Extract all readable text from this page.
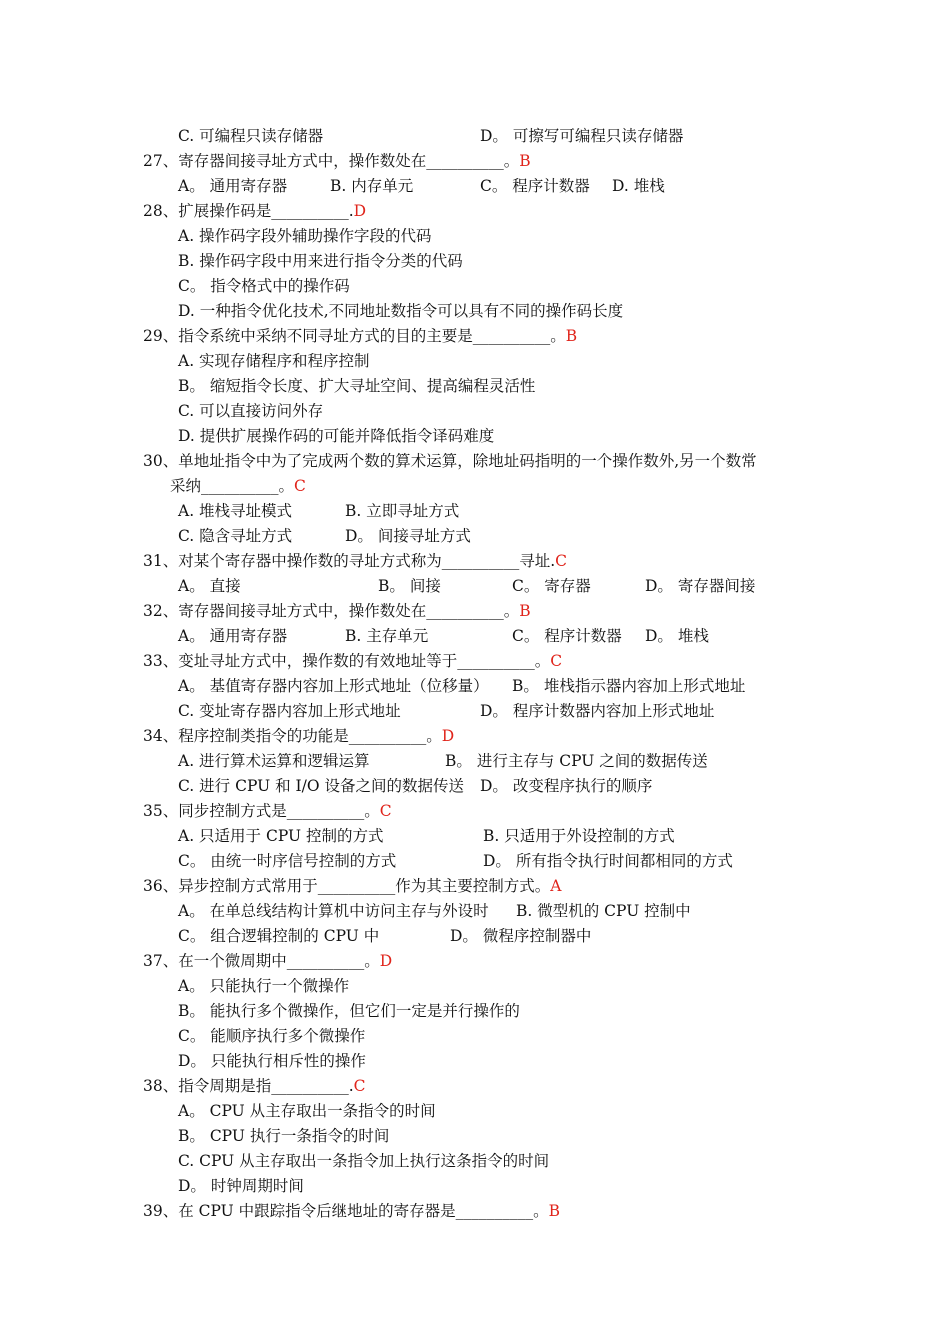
C. 可编程只读存储器	D。 可擦写可编程只读存储器
27、寄存器间接寻址方式中，操作数处在__________。B
A。 通用寄存器	B. 内存单元	C。 程序计数器 D. 堆栈
28、扩展操作码是__________.D
A. 操作码字段外辅助操作字段的代码
B. 操作码字段中用来进行指令分类的代码
C。 指令格式中的操作码
D. 一种指令优化技术,不同地址数指令可以具有不同的操作码长度
29、指令系统中采纳不同寻址方式的目的主要是__________。B
A. 实现存储程序和程序控制
B。 缩短指令长度、扩大寻址空间、提高编程灵活性
C. 可以直接访问外存
D. 提供扩展操作码的可能并降低指令译码难度
30、单地址指令中为了完成两个数的算术运算，除地址码指明的一个操作数外,另一个数常
采纳__________。C
A. 堆栈寻址模式	B. 立即寻址方式
C. 隐含寻址方式	D。 间接寻址方式
31、对某个寄存器中操作数的寻址方式称为__________寻址.C
A。 直接	B。 间接	C。 寄存器	D。 寄存器间接
32、寄存器间接寻址方式中，操作数处在__________。B
A。 通用寄存器	B. 主存单元	C。 程序计数器 D。 堆栈
33、变址寻址方式中，操作数的有效地址等于__________。C
A。 基值寄存器内容加上形式地址（位移量） B。 堆栈指示器内容加上形式地址
C. 变址寄存器内容加上形式地址	D。 程序计数器内容加上形式地址
34、程序控制类指令的功能是__________。D
A. 进行算术运算和逻辑运算	B。 进行主存与 CPU 之间的数据传送
C. 进行 CPU 和 I/O 设备之间的数据传送 D。 改变程序执行的顺序
35、同步控制方式是__________。C
A. 只适用于 CPU 控制的方式	B. 只适用于外设控制的方式
C。 由统一时序信号控制的方式	D。 所有指令执行时间都相同的方式
36、异步控制方式常用于__________作为其主要控制方式。A
A。 在单总线结构计算机中访问主存与外设时 B. 微型机的 CPU 控制中
C。 组合逻辑控制的 CPU 中	D。 微程序控制器中
37、在一个微周期中__________。D
A。 只能执行一个微操作
B。 能执行多个微操作，但它们一定是并行操作的
C。 能顺序执行多个微操作
D。 只能执行相斥性的操作
38、指令周期是指__________.C
A。 CPU 从主存取出一条指令的时间
B。 CPU 执行一条指令的时间
C. CPU 从主存取出一条指令加上执行这条指令的时间
D。 时钟周期时间
39、在 CPU 中跟踪指令后继地址的寄存器是__________。B
